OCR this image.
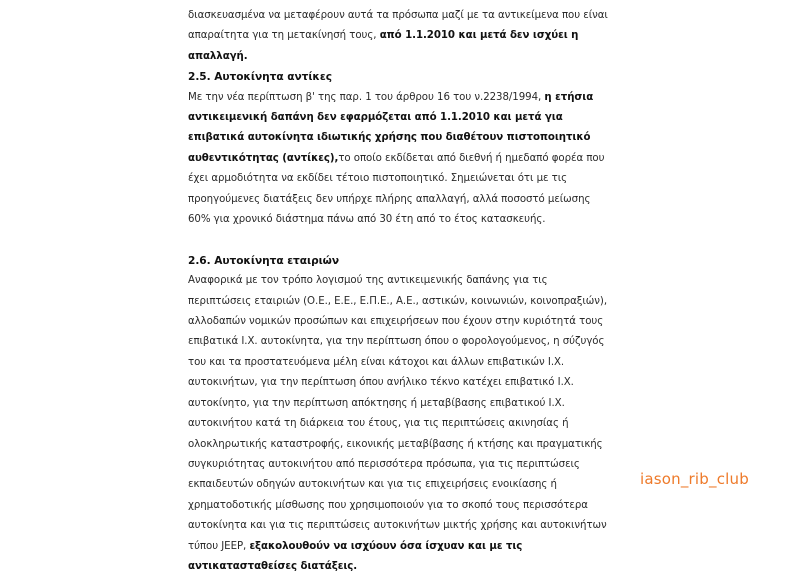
διασκευασμένα να μεταφέρουν αυτά τα πρόσωπα μαζί με τα αντικείμενα που είναι απαραίτητα για τη μετακίνησή τους, από 1.1.2010 και μετά δεν ισχύει η απαλλαγή.

2.5. Αυτοκίνητα αντίκες

Με την νέα περίπτωση β' της παρ. 1 του άρθρου 16 του ν.2238/1994, η ετήσια αντικειμενική δαπάνη δεν εφαρμόζεται από 1.1.2010 και μετά για επιβατικά αυτοκίνητα ιδιωτικής χρήσης που διαθέτουν πιστοποιητικό αυθεντικότητας (αντίκες),το οποίο εκδίδεται από διεθνή ή ημεδαπό φορέα που έχει αρμοδιότητα να εκδίδει τέτοιο πιστοποιητικό. Σημειώνεται ότι με τις προηγούμενες διατάξεις δεν υπήρχε πλήρης απαλλαγή, αλλά ποσοστό μείωσης 60% για χρονικό διάστημα πάνω από 30 έτη από το έτος κατασκευής.

2.6. Αυτοκίνητα εταιριών

Αναφορικά με τον τρόπο λογισμού της αντικειμενικής δαπάνης για τις περιπτώσεις εταιριών (Ο.Ε., Ε.Ε., Ε.Π.Ε., Α.Ε., αστικών, κοινωνιών, κοινοπραξιών), αλλοδαπών νομικών προσώπων και επιχειρήσεων που έχουν στην κυριότητά τους επιβατικά Ι.Χ. αυτοκίνητα, για την περίπτωση όπου ο φορολογούμενος, η σύζυγός του και τα προστατευόμενα μέλη είναι κάτοχοι και άλλων επιβατικών Ι.Χ. αυτοκινήτων, για την περίπτωση όπου ανήλικο τέκνο κατέχει επιβατικό Ι.Χ. αυτοκίνητο, για την περίπτωση απόκτησης ή μεταβίβασης επιβατικού Ι.Χ. αυτοκινήτου κατά τη διάρκεια του έτους, για τις περιπτώσεις ακινησίας ή ολοκληρωτικής καταστροφής, εικονικής μεταβίβασης ή κτήσης και πραγματικής συγκυριότητας αυτοκινήτου από περισσότερα πρόσωπα, για τις περιπτώσεις εκπαιδευτών οδηγών αυτοκινήτων και για τις επιχειρήσεις ενοικίασης ή χρηματοδοτικής μίσθωσης που χρησιμοποιούν για το σκοπό τους περισσότερα αυτοκίνητα και για τις περιπτώσεις αυτοκινήτων μικτής χρήσης και αυτοκινήτων τύπου JEEP, εξακολουθούν να ισχύουν όσα ίσχυαν και με τις αντικατασταθείσες διατάξεις.

iason_rib_club
